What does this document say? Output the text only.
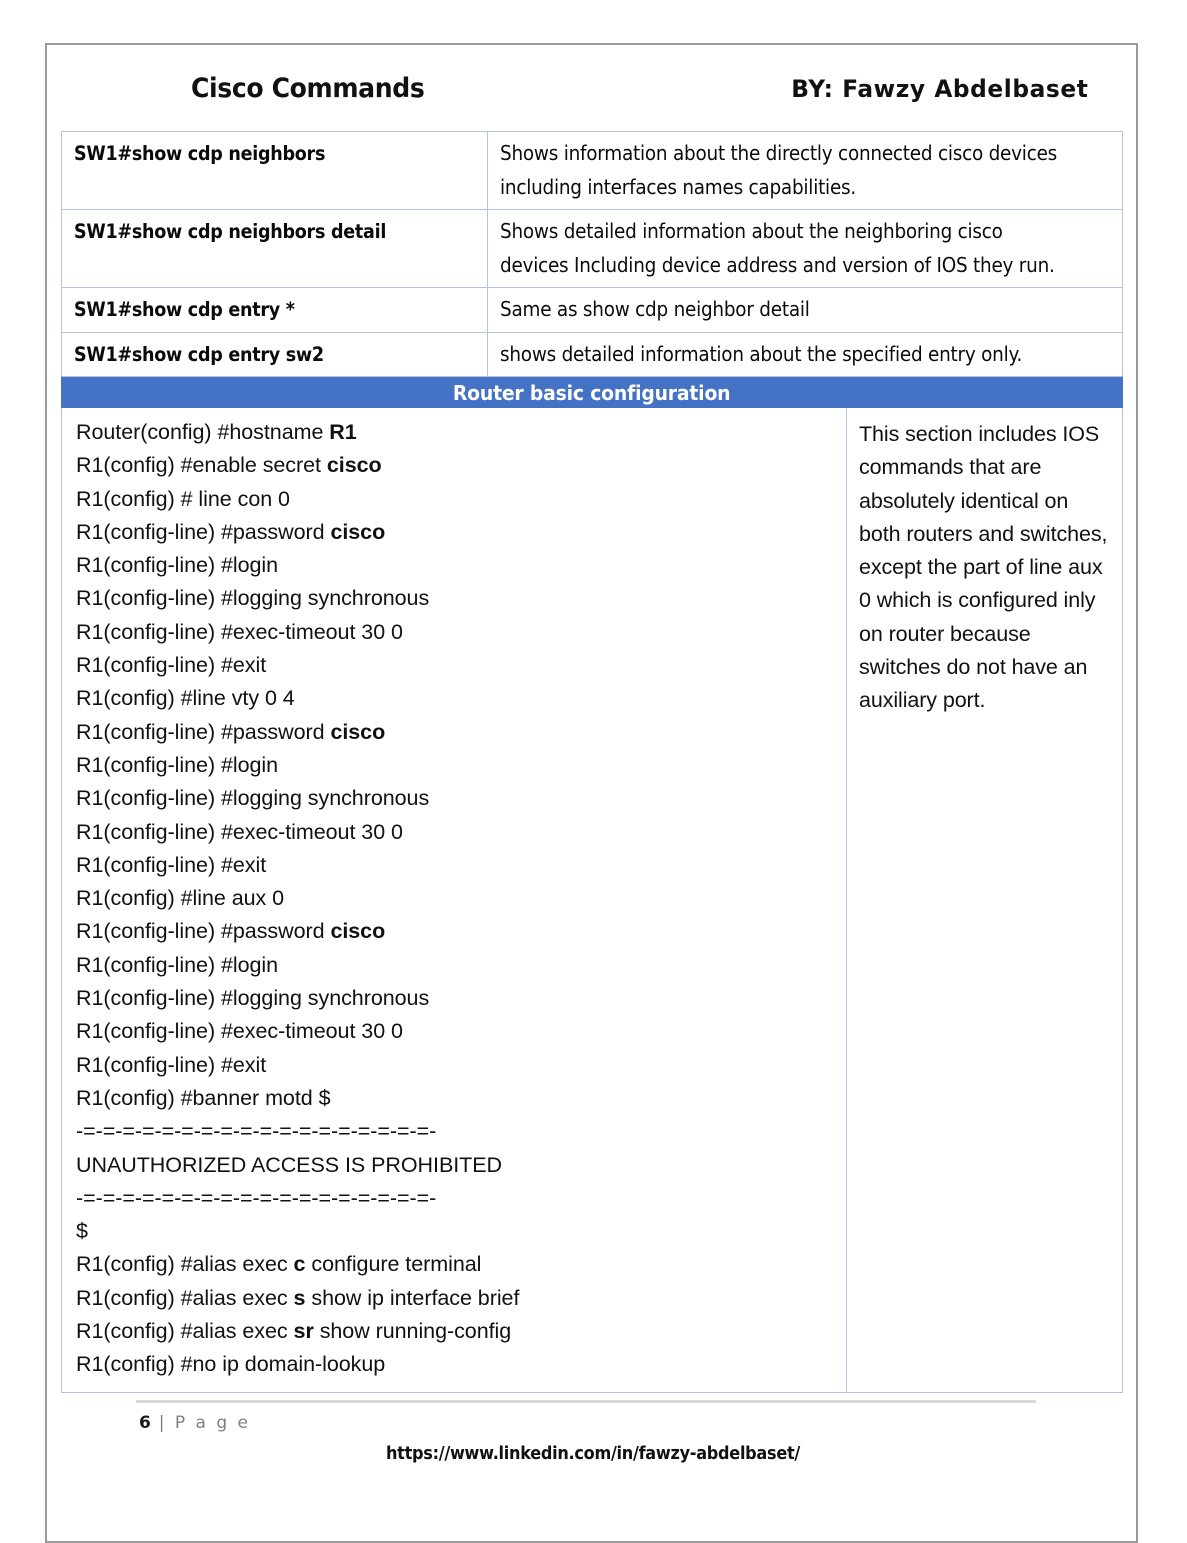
Cisco Commands	BY: Fawzy Abdelbaset
SW1#show cdp neighbors	Shows information about the directly connected cisco devices including interfaces names capabilities.
SW1#show cdp neighbors detail	Shows detailed information about the neighboring cisco devices Including device address and version of IOS they run.
SW1#show cdp entry *	Same as show cdp neighbor detail
SW1#show cdp entry sw2	shows detailed information about the specified entry only.
Router basic configuration
Router(config) #hostname R1
R1(config) #enable secret cisco
R1(config) # line con 0
R1(config-line) #password cisco
R1(config-line) #login
R1(config-line) #logging synchronous
R1(config-line) #exec-timeout 30 0
R1(config-line) #exit
R1(config) #line vty 0 4
R1(config-line) #password cisco
R1(config-line) #login
R1(config-line) #logging synchronous
R1(config-line) #exec-timeout 30 0
R1(config-line) #exit
R1(config) #line aux 0
R1(config-line) #password cisco
R1(config-line) #login
R1(config-line) #logging synchronous
R1(config-line) #exec-timeout 30 0
R1(config-line) #exit
R1(config) #banner motd $
-=-=-=-=-=-=-=-=-=-=-=-=-=-=-=-=-=-=-
UNAUTHORIZED ACCESS IS PROHIBITED
-=-=-=-=-=-=-=-=-=-=-=-=-=-=-=-=-=-=-
$
R1(config) #alias exec c configure terminal
R1(config) #alias exec s show ip interface brief
R1(config) #alias exec sr show running-config
R1(config) #no ip domain-lookup

This section includes IOS commands that are absolutely identical on both routers and switches, except the part of line aux 0 which is configured inly on router because switches do not have an auxiliary port.
6 | P a g e
https://www.linkedin.com/in/fawzy-abdelbaset/
